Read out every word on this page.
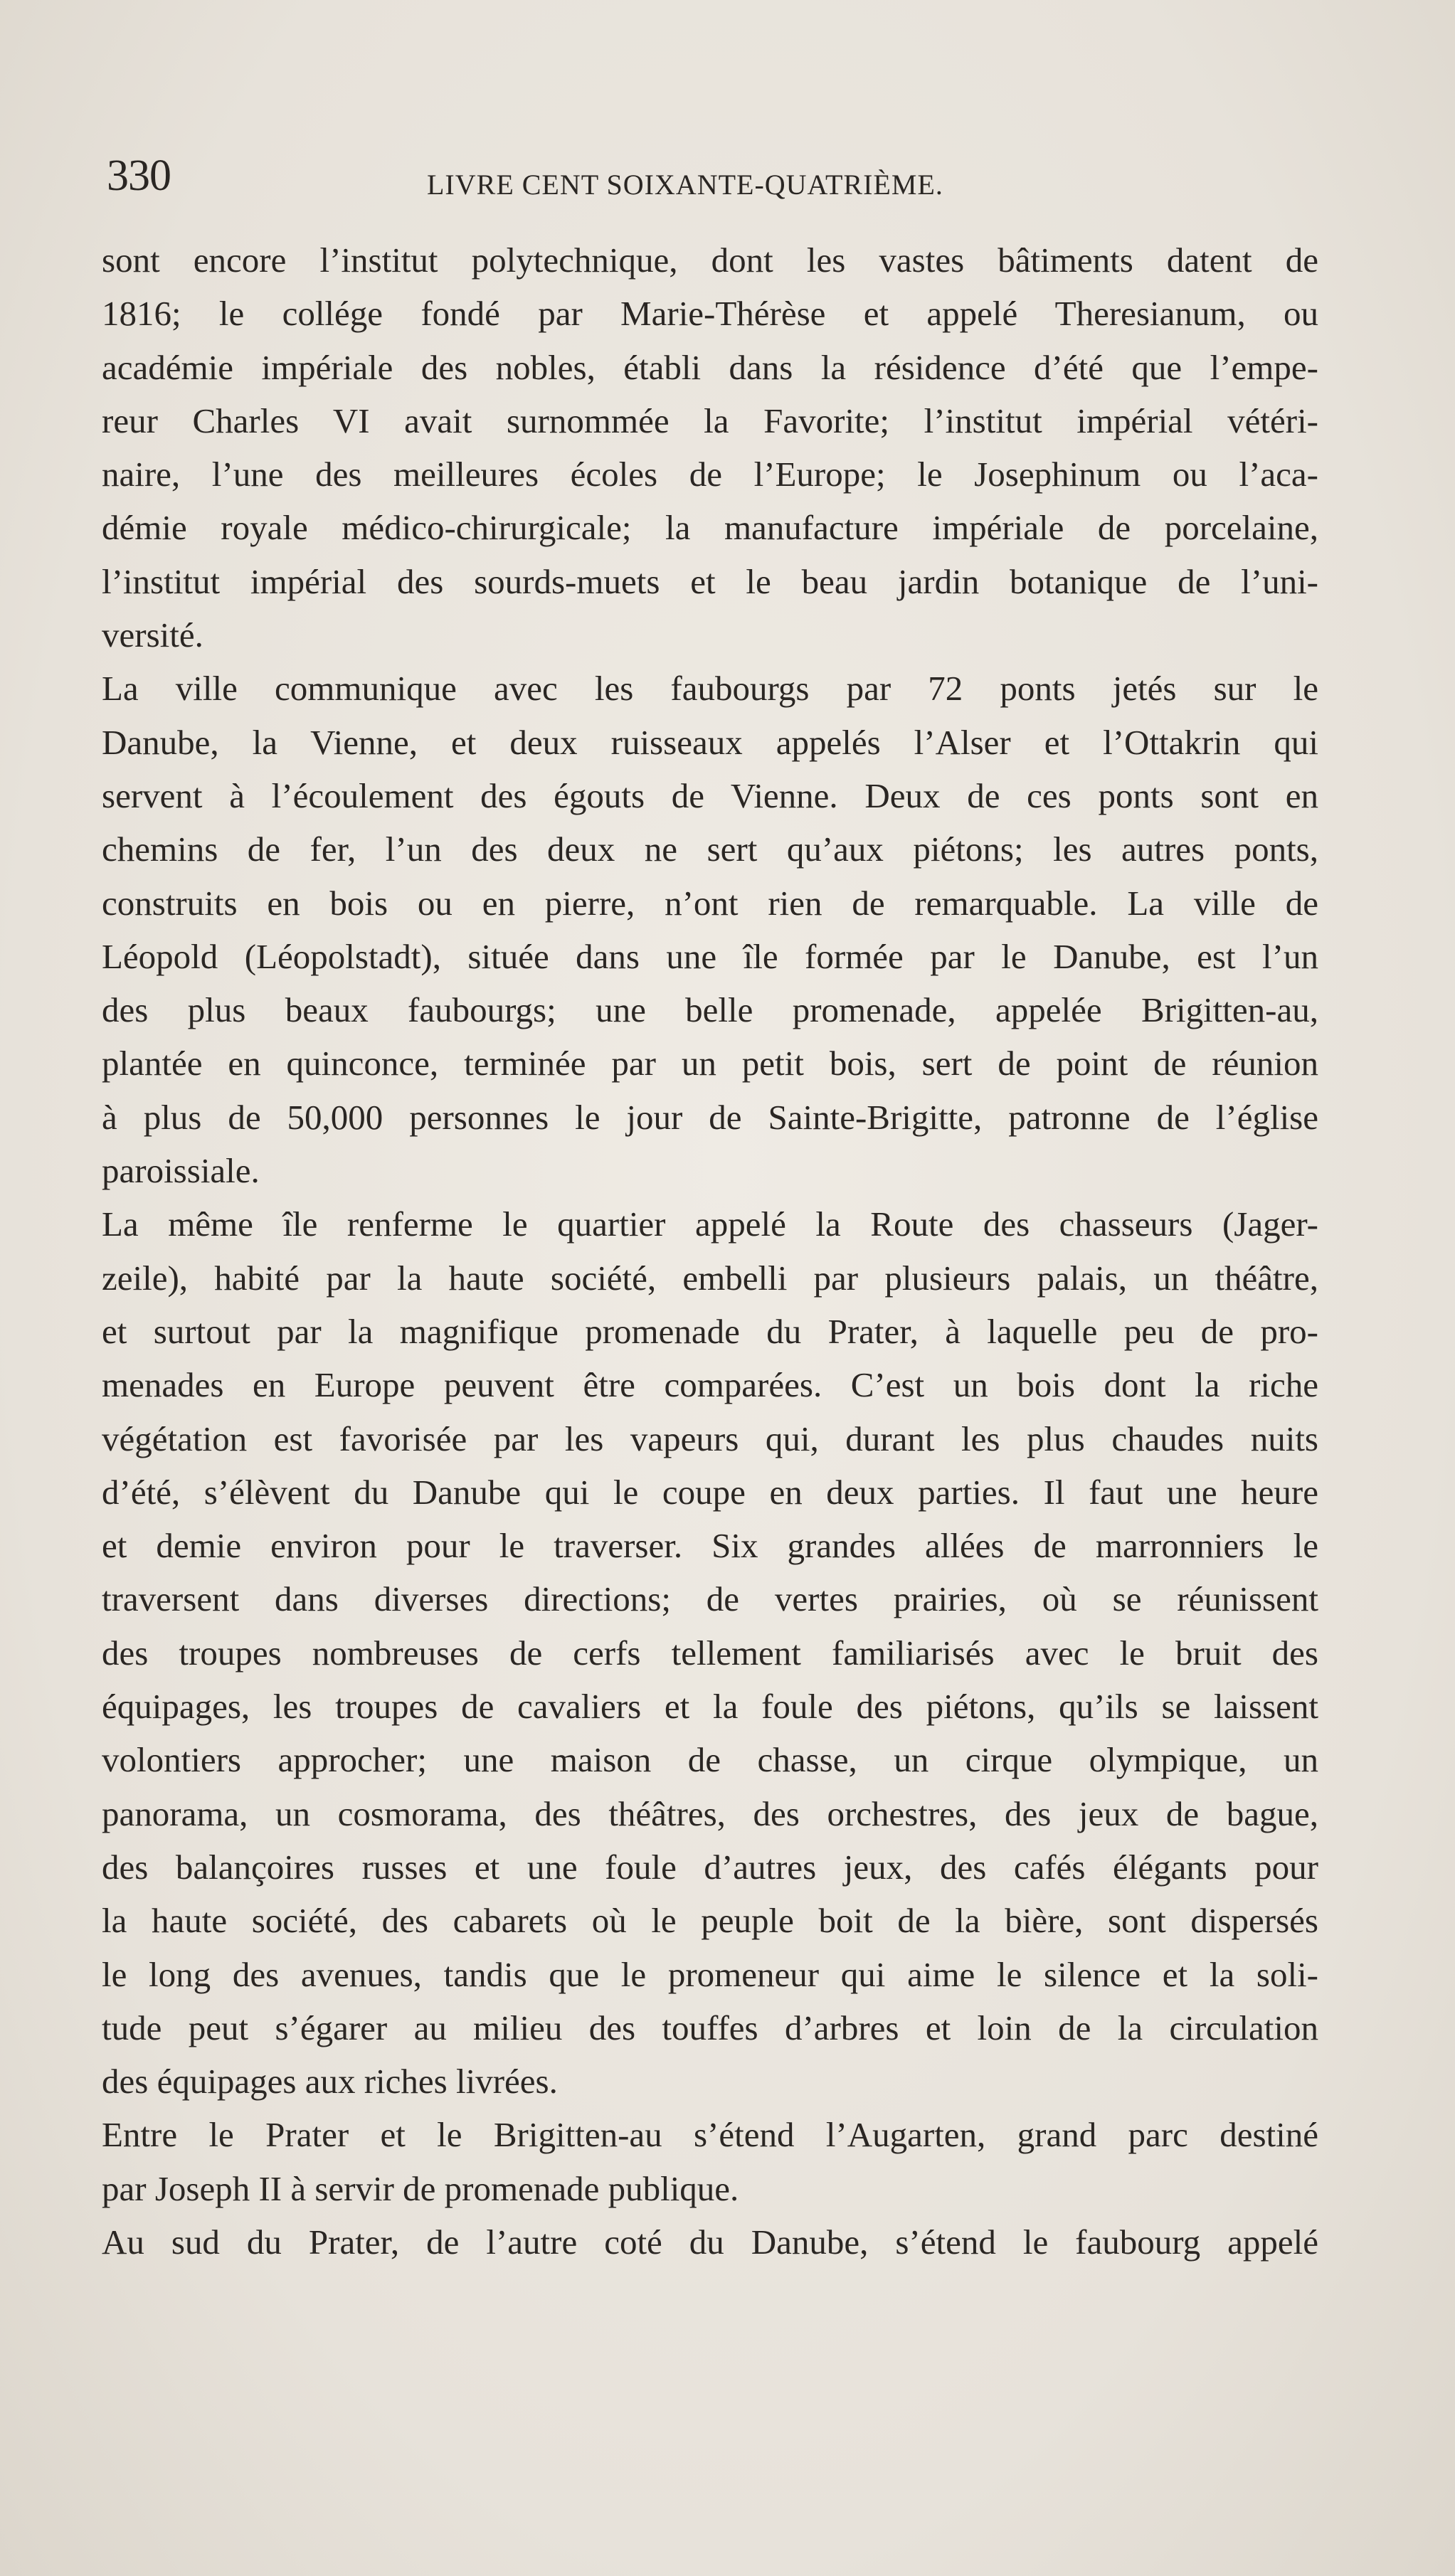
330	LIVRE CENT SOIXANTE-QUATRIÈME.
sont encore l’institut polytechnique, dont les vastes bâtiments datent de
1816; le collége fondé par Marie-Thérèse et appelé Theresianum, ou
académie impériale des nobles, établi dans la résidence d’été que l’empe-
reur Charles VI avait surnommée la Favorite; l’institut impérial vétéri-
naire, l’une des meilleures écoles de l’Europe; le Josephinum ou l’aca-
démie royale médico-chirurgicale; la manufacture impériale de porcelaine,
l’institut impérial des sourds-muets et le beau jardin botanique de l’uni-
versité.
La ville communique avec les faubourgs par 72 ponts jetés sur le
Danube, la Vienne, et deux ruisseaux appelés l’Alser et l’Ottakrin qui
servent à l’écoulement des égouts de Vienne. Deux de ces ponts sont en
chemins de fer, l’un des deux ne sert qu’aux piétons; les autres ponts,
construits en bois ou en pierre, n’ont rien de remarquable. La ville de
Léopold (Léopolstadt), située dans une île formée par le Danube, est l’un
des plus beaux faubourgs; une belle promenade, appelée Brigitten-au,
plantée en quinconce, terminée par un petit bois, sert de point de réunion
à plus de 50,000 personnes le jour de Sainte-Brigitte, patronne de l’église
paroissiale.
La même île renferme le quartier appelé la Route des chasseurs (Jager-
zeile), habité par la haute société, embelli par plusieurs palais, un théâtre,
et surtout par la magnifique promenade du Prater, à laquelle peu de pro-
menades en Europe peuvent être comparées. C’est un bois dont la riche
végétation est favorisée par les vapeurs qui, durant les plus chaudes nuits
d’été, s’élèvent du Danube qui le coupe en deux parties. Il faut une heure
et demie environ pour le traverser. Six grandes allées de marronniers le
traversent dans diverses directions; de vertes prairies, où se réunissent
des troupes nombreuses de cerfs tellement familiarisés avec le bruit des
équipages, les troupes de cavaliers et la foule des piétons, qu’ils se laissent
volontiers approcher; une maison de chasse, un cirque olympique, un
panorama, un cosmorama, des théâtres, des orchestres, des jeux de bague,
des balançoires russes et une foule d’autres jeux, des cafés élégants pour
la haute société, des cabarets où le peuple boit de la bière, sont dispersés
le long des avenues, tandis que le promeneur qui aime le silence et la soli-
tude peut s’égarer au milieu des touffes d’arbres et loin de la circulation
des équipages aux riches livrées.
Entre le Prater et le Brigitten-au s’étend l’Augarten, grand parc destiné
par Joseph II à servir de promenade publique.
Au sud du Prater, de l’autre coté du Danube, s’étend le faubourg appelé
